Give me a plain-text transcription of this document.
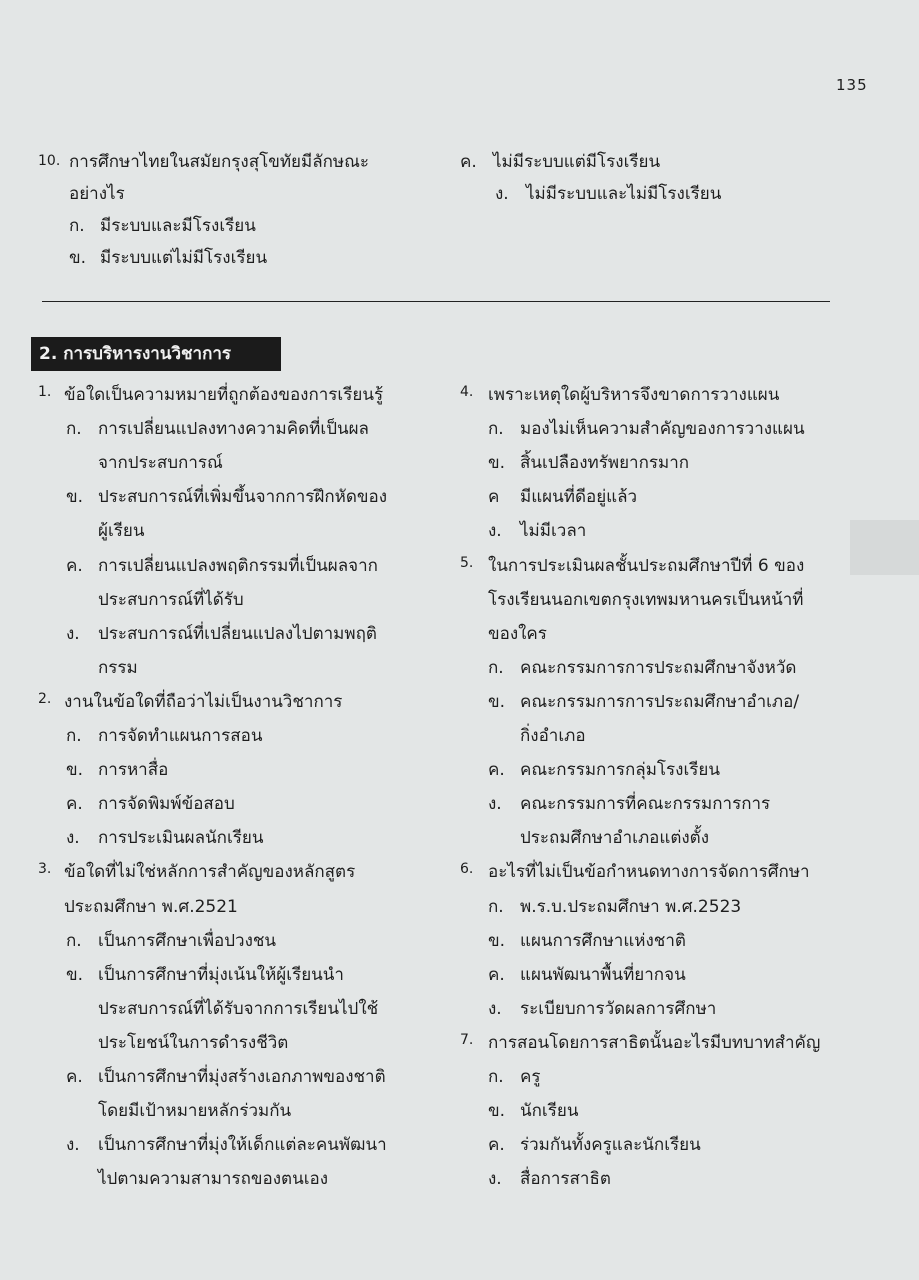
135
10. การศึกษาไทยในสมัยกรุงสุโขทัยมีลักษณะ
อย่างไร
ก. มีระบบและมีโรงเรียน
ข. มีระบบแต่ไม่มีโรงเรียน
ค. ไม่มีระบบแต่มีโรงเรียน
ง. ไม่มีระบบและไม่มีโรงเรียน
2. การบริหารงานวิชาการ
1. ข้อใดเป็นความหมายที่ถูกต้องของการเรียนรู้
ก. การเปลี่ยนแปลงทางความคิดที่เป็นผล
จากประสบการณ์
ข. ประสบการณ์ที่เพิ่มขึ้นจากการฝึกหัดของ
ผู้เรียน
ค. การเปลี่ยนแปลงพฤติกรรมที่เป็นผลจาก
ประสบการณ์ที่ได้รับ
ง. ประสบการณ์ที่เปลี่ยนแปลงไปตามพฤติ
กรรม
2. งานในข้อใดที่ถือว่าไม่เป็นงานวิชาการ
ก. การจัดทำแผนการสอน
ข. การหาสื่อ
ค. การจัดพิมพ์ข้อสอบ
ง. การประเมินผลนักเรียน
3. ข้อใดที่ไม่ใช่หลักการสำคัญของหลักสูตร
ประถมศึกษา พ.ศ.2521
ก. เป็นการศึกษาเพื่อปวงชน
ข. เป็นการศึกษาที่มุ่งเน้นให้ผู้เรียนนำ
ประสบการณ์ที่ได้รับจากการเรียนไปใช้
ประโยชน์ในการดำรงชีวิต
ค. เป็นการศึกษาที่มุ่งสร้างเอกภาพของชาติ
โดยมีเป้าหมายหลักร่วมกัน
ง. เป็นการศึกษาที่มุ่งให้เด็กแต่ละคนพัฒนา
ไปตามความสามารถของตนเอง
4. เพราะเหตุใดผู้บริหารจึงขาดการวางแผน
ก. มองไม่เห็นความสำคัญของการวางแผน
ข. สิ้นเปลืองทรัพยากรมาก
ค มีแผนที่ดีอยู่แล้ว
ง. ไม่มีเวลา
5. ในการประเมินผลชั้นประถมศึกษาปีที่ 6 ของ
โรงเรียนนอกเขตกรุงเทพมหานครเป็นหน้าที่
ของใคร
ก. คณะกรรมการการประถมศึกษาจังหวัด
ข. คณะกรรมการการประถมศึกษาอำเภอ/
กิ่งอำเภอ
ค. คณะกรรมการกลุ่มโรงเรียน
ง. คณะกรรมการที่คณะกรรมการการ
ประถมศึกษาอำเภอแต่งตั้ง
6. อะไรที่ไม่เป็นข้อกำหนดทางการจัดการศึกษา
ก. พ.ร.บ.ประถมศึกษา พ.ศ.2523
ข. แผนการศึกษาแห่งชาติ
ค. แผนพัฒนาพื้นที่ยากจน
ง. ระเบียบการวัดผลการศึกษา
7. การสอนโดยการสาธิตนั้นอะไรมีบทบาทสำคัญ
ก. ครู
ข. นักเรียน
ค. ร่วมกันทั้งครูและนักเรียน
ง. สื่อการสาธิต
